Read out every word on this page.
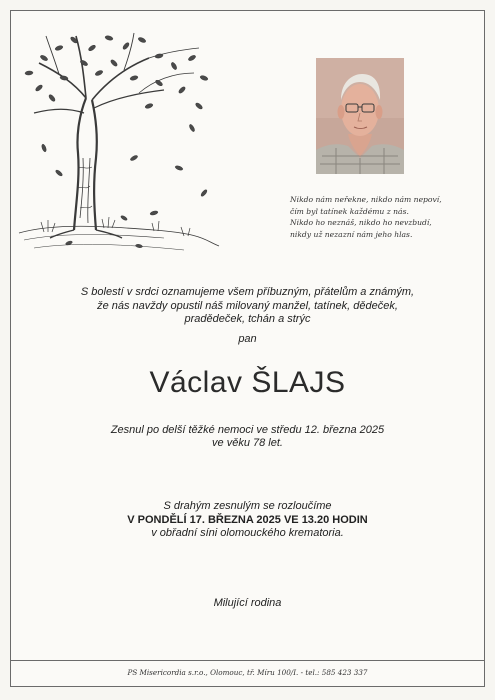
Nikdo nám neřekne, nikdo nám nepoví,
čím byl tatínek každému z nás.
Nikdo ho neznáš, nikdo ho nevzbudí,
nikdy už nezazní nám jeho hlas.
S bolestí v srdci oznamujeme všem příbuzným, přátelům a známým,
že nás navždy opustil náš milovaný manžel, tatínek, dědeček,
pradědeček, tchán a strýc
pan
Václav ŠLAJS
Zesnul po delší těžké nemoci ve středu 12. března 2025
ve věku 78 let.
S drahým zesnulým se rozloučíme
V PONDĚLÍ 17. BŘEZNA 2025 VE 13.20 HODIN
v obřadní síni olomouckého krematoria.
Milující rodina
PS Misericordia s.r.o., Olomouc, tř. Míru 100/I. - tel.: 585 423 337
